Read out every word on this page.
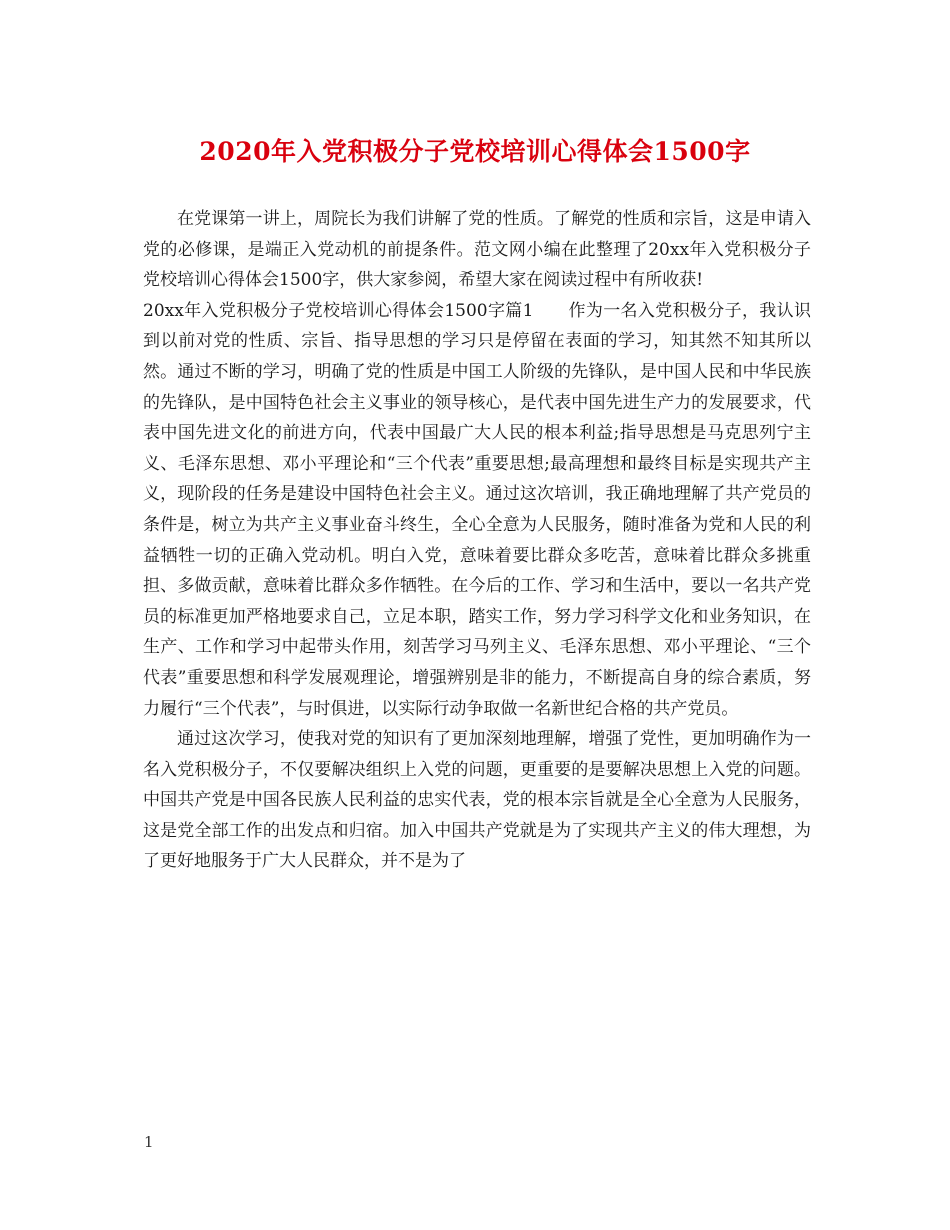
2020年入党积极分子党校培训心得体会1500字

在党课第一讲上，周院长为我们讲解了党的性质。了解党的性质和宗旨，这是申请入党的必修课，是端正入党动机的前提条件。范文网小编在此整理了20xx年入党积极分子党校培训心得体会1500字，供大家参阅，希望大家在阅读过程中有所收获!

20xx年入党积极分子党校培训心得体会1500字篇1　　作为一名入党积极分子，我认识到以前对党的性质、宗旨、指导思想的学习只是停留在表面的学习，知其然不知其所以然。通过不断的学习，明确了党的性质是中国工人阶级的先锋队，是中国人民和中华民族的先锋队，是中国特色社会主义事业的领导核心，是代表中国先进生产力的发展要求，代表中国先进文化的前进方向，代表中国最广大人民的根本利益;指导思想是马克思列宁主义、毛泽东思想、邓小平理论和“三个代表”重要思想;最高理想和最终目标是实现共产主义，现阶段的任务是建设中国特色社会主义。通过这次培训，我正确地理解了共产党员的条件是，树立为共产主义事业奋斗终生，全心全意为人民服务，随时准备为党和人民的利益牺牲一切的正确入党动机。明白入党，意味着要比群众多吃苦，意味着比群众多挑重担、多做贡献，意味着比群众多作牺牲。在今后的工作、学习和生活中，要以一名共产党员的标准更加严格地要求自己，立足本职，踏实工作，努力学习科学文化和业务知识，在生产、工作和学习中起带头作用，刻苦学习马列主义、毛泽东思想、邓小平理论、“三个代表”重要思想和科学发展观理论，增强辨别是非的能力，不断提高自身的综合素质，努力履行“三个代表”，与时俱进，以实际行动争取做一名新世纪合格的共产党员。

通过这次学习，使我对党的知识有了更加深刻地理解，增强了党性，更加明确作为一名入党积极分子，不仅要解决组织上入党的问题，更重要的是要解决思想上入党的问题。中国共产党是中国各民族人民利益的忠实代表，党的根本宗旨就是全心全意为人民服务，这是党全部工作的出发点和归宿。加入中国共产党就是为了实现共产主义的伟大理想，为了更好地服务于广大人民群众，并不是为了

1
